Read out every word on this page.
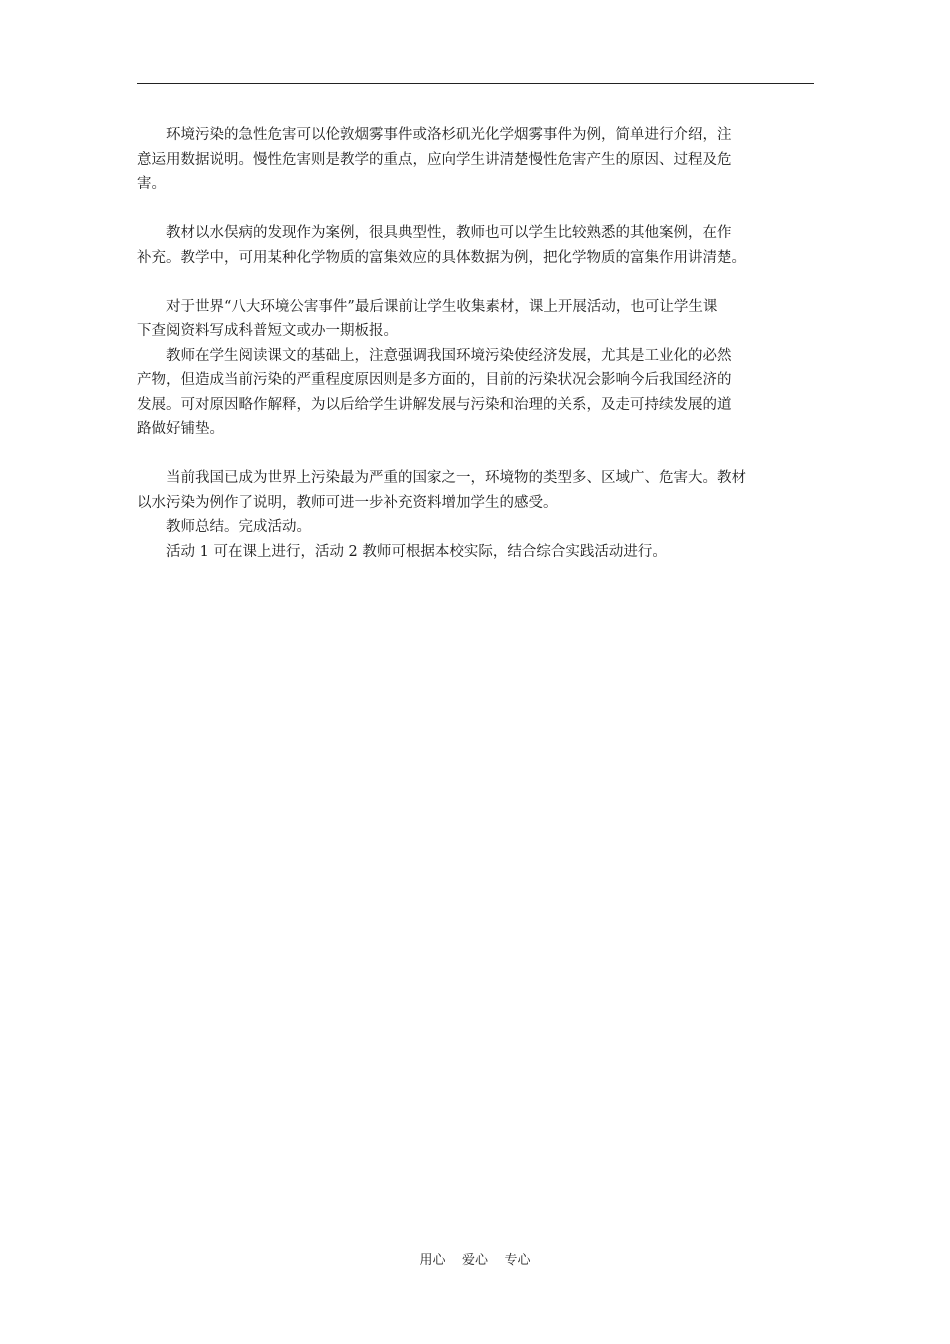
环境污染的急性危害可以伦敦烟雾事件或洛杉矶光化学烟雾事件为例，简单进行介绍，注
意运用数据说明。慢性危害则是教学的重点，应向学生讲清楚慢性危害产生的原因、过程及危
害。

教材以水俣病的发现作为案例，很具典型性，教师也可以学生比较熟悉的其他案例，在作
补充。教学中，可用某种化学物质的富集效应的具体数据为例，把化学物质的富集作用讲清楚。

对于世界“八大环境公害事件”最后课前让学生收集素材，课上开展活动，也可让学生课
下查阅资料写成科普短文或办一期板报。

教师在学生阅读课文的基础上，注意强调我国环境污染使经济发展，尤其是工业化的必然
产物，但造成当前污染的严重程度原因则是多方面的，目前的污染状况会影响今后我国经济的
发展。可对原因略作解释，为以后给学生讲解发展与污染和治理的关系，及走可持续发展的道
路做好铺垫。

当前我国已成为世界上污染最为严重的国家之一，环境物的类型多、区域广、危害大。教材
以水污染为例作了说明，教师可进一步补充资料增加学生的感受。

教师总结。完成活动。

活动 1 可在课上进行，活动 2 教师可根据本校实际，结合综合实践活动进行。

用心    爱心    专心
